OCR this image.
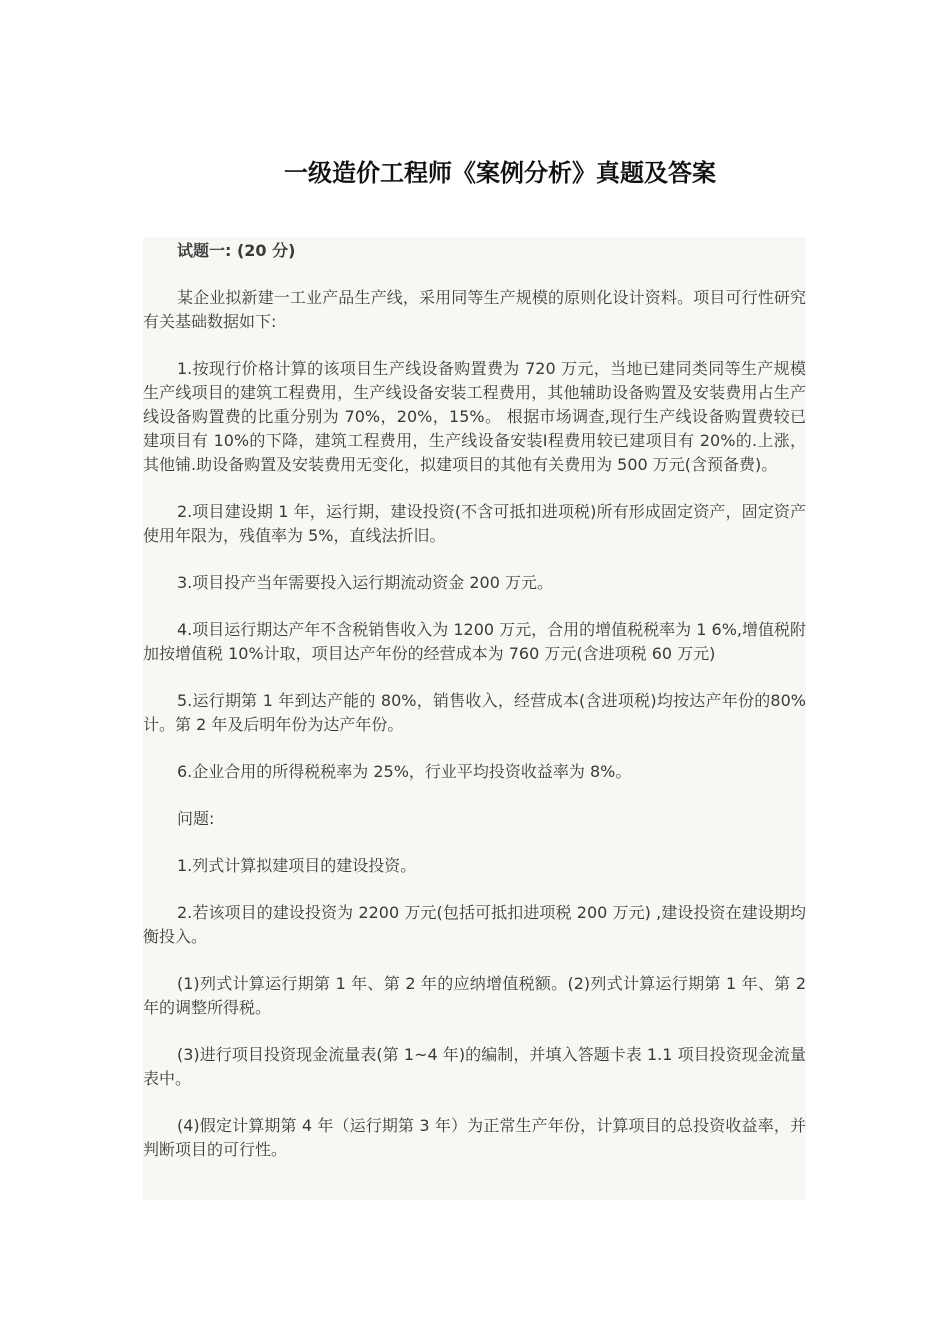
一级造价工程师《案例分析》真题及答案

试题一: (20 分)

某企业拟新建一工业产品生产线，采用同等生产规模的原则化设计资料。项目可行性研究有关基础数据如下:

1.按现行价格计算的该项目生产线设备购置费为 720 万元，当地已建同类同等生产规模生产线项目的建筑工程费用，生产线设备安装工程费用，其他辅助设备购置及安装费用占生产线设备购置费的比重分别为 70%，20%，15%。 根据市场调查,现行生产线设备购置费较已建项目有 10%的下降，建筑工程费用，生产线设备安装I程费用较已建项目有 20%的.上涨，其他铺.助设备购置及安装费用无变化，拟建项目的其他有关费用为 500 万元(含预备费)。

2.项目建设期 1 年，运行期，建设投资(不含可抵扣进项税)所有形成固定资产，固定资产使用年限为，残值率为 5%，直线法折旧。

3.项目投产当年需要投入运行期流动资金 200 万元。

4.项目运行期达产年不含税销售收入为 1200 万元，合用的增值税税率为 1 6%,增值税附加按增值税 10%计取，项目达产年份的经营成本为 760 万元(含进项税 60 万元)

5.运行期第 1 年到达产能的 80%，销售收入，经营成本(含进项税)均按达产年份的80%计。第 2 年及后明年份为达产年份。

6.企业合用的所得税税率为 25%，行业平均投资收益率为 8%。

问题:

1.列式计算拟建项目的建设投资。

2.若该项目的建设投资为 2200 万元(包括可抵扣进项税 200 万元) ,建设投资在建设期均衡投入。

(1)列式计算运行期第 1 年、第 2 年的应纳增值税额。(2)列式计算运行期第 1 年、第 2 年的调整所得税。

(3)进行项目投资现金流量表(第 1~4 年)的编制，并填入答题卡表 1.1 项目投资现金流量表中。

(4)假定计算期第 4 年（运行期第 3 年）为正常生产年份，计算项目的总投资收益率，并判断项目的可行性。
